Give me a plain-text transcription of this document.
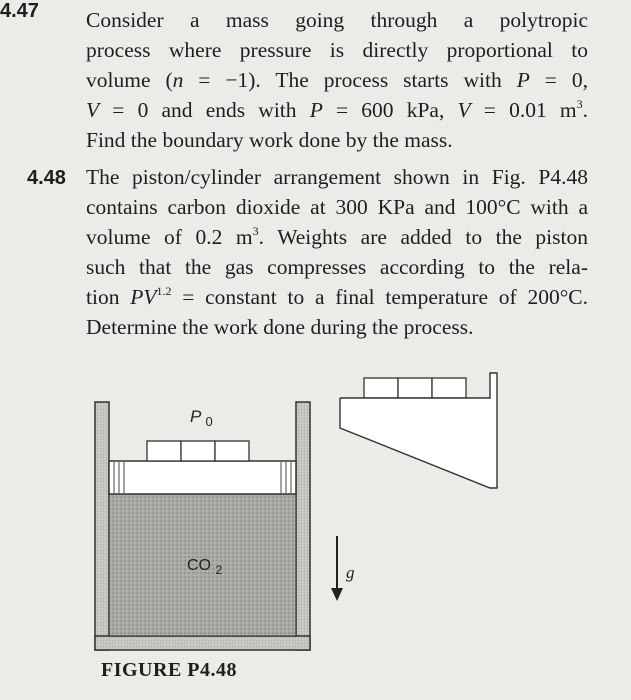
4.47 Consider a mass going through a polytropic
process where pressure is directly proportional to
volume (n = −1). The process starts with P = 0,
V = 0 and ends with P = 600 kPa, V = 0.01 $m^3$.
Find the boundary work done by the mass.
4.48 The piston/cylinder arrangement shown in Fig. P4.48
contains carbon dioxide at 300 KPa and 100°C with a
volume of 0.2 $m^3$. Weights are added to the piston
such that the gas compresses according to the rela-
tion $PV^{1.2}$ = constant to a final temperature of 200°C.
Determine the work done during the process.
P $_0$
CO $_2$	g
FIGURE P4.48
